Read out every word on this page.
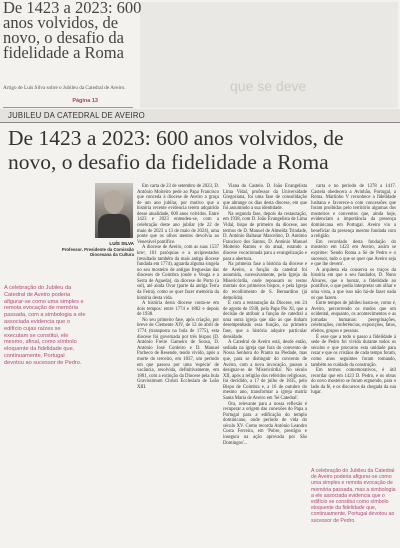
que se deve
De 1423 a 2023: 600 anos volvidos, de novo, o desafio da fidelidade a Roma
Artigo de Luís Silva sobre o Jubileu da Catedral de Aveiro.
Página 13
JUBILEU DA CATEDRAL DE AVEIRO
De 1423 a 2023: 600 anos volvidos, de novo, o desafio da fidelidade a Roma
LUÍS SILVA
Professor. Presidente da Comissão Diocesana da Cultura
A celebração do Jubileu da Catedral de Aveiro poderia afigurar-se como uma simples e remota evocação de memória passada, com a simbologia a ele associada evidencia que o edifício cujas raízes se executam se constitui, ele mesmo, afinal, como símbolo eloquente da fidelidade que, continuamente, Portugal devotou ao sucessor de Pedro.

Em carta de 23 de setembro de 2023, D. António Moiteiro pede ao Papa Francisco que conceda à diocese de Aveiro a graça de um ano jubilar, por motivo que a história recente evidencia terem adquirido desse atualidade, 600 anos volvidos. Entre 1423 e 2023 entendeu-se, com a celebração deste ano jubilar (de 22 de maio de 2023 a 13 de maio de 2024), uma ponte que os olhos atentos devolvia ao Venerável pontífice.

A diocese de Aveiro, com as suas 1537 km², 101 paróquias e a arciprestados (resultado também da mais antiga diocese fundada em 1774), aguarda alguma singela no seu mosteiro de antigas freguesias das dioceses de Coimbra (onde o Vouga e a Serra de Agueda), da diocese do Porto (a sul), até ainda Ovar (parte da antiga Terra da Feira), como se quer fazer memória da história desta vida.

A história desta diocese conta-se em dois tempos: entre 1774 e 1882 e depois de 1938.

No seu primeiro fase, após criação, por breve de Clemente XIV, de 12 de abril de 1774 (transposta na bula de 1775), esta diocese foi governada por três bispos (D. António Freire Gameiro de Sousa, D. António José Cordeiro e D. Manuel Pacheco de Resende, tendo vivido, após a morte do terceiro, em 1837, um período em que passou por uma 'espécie' de vacância, resolvida, definitivamente, em 1881, com a extinção da Diocese pela bula Gravissimum Christi Ecclesiam de Leão XIII.

Viana do Castelo. D. João Evangelista Lima Vidal, professor da Universidade Gregoriana, foi uma fase de consolidação que abrange os dias desta diocese, em que foi assumindo a sua identidade.

Na segunda fase, depois da restauração, em 1938, com D. João Evangelista de Lima Vidal, bispo de primeiro da diocese, aos termos de D. Manuel de Almeida Trindade, D. António Baltasar Marcelino, D. António Francisco dos Santos, D. António Manuel Moiteiro Ramos e do atual, estando a diocese vocacionada para a evangelização e para a abertura.

Na primeira fase a história da diocese e de Aveiro, a função da catedral foi assumida, sucessivamente, pela Igreja da Misericórdia, onde repousam os restos mortais dos primeiros bispos, e pela Igreja do recolhimento de S. Bernardino (já demolida).

É com a restauração da Diocese, em 24 de agosto de 1938, pela Papa Pio XI, que a decisão de atribuir a função de catedral a uma outra igreja que não as que tinham desempenhado essa função, na primeira fase, que a história adquire particular densidade.

A Catedral de Aveiro está, desde então, sediada na igreja que fora do convento de Nossa Senhora do Pranto na Piedade, mas que, para se distinguir do convento de Aveiro, com a nova invocação, passou a designar-se de 'Misericórdia'. No século XII, após a religião dos referidos religiosos, foi decidido, a 17 de julho de 1835, pelo Bispo de Coimbra e, a 16 de outubro do mesmo ano, transformar a igreja matriz Santa Maria de Aveiro em 'Sé Catedral'.

Ora, relevante para a nossa reflexão é recuperar a origem das conexões do Papa a Portugal para a edificação do templo dominicano, onde período de vida do século XV. Como recorda António Leandro Costa Ferreira, em 'Pobre, prestígio e insegura na ação aprovada por São Domingos'...

carta e no período de 1378 a 1417. Castela obedecera a Avinhão, Portugal, a Roma. Martinho V reconhece a fidelidade lusitana e favorece-a com concessões que foram proibidas pelo território algumas dos mosteiros e conventos que, ainda hoje, evidenciam a importância da presença dominicana em Portugal. Aveiro viu a beneficiar da presença mesmo fundada com a religião.

Em recordado desta fundação do mosteiro em 1423 em Aveiro, assim se exprime: 'Sendo Roma a Sé de Pedro e o sucessor, tudo o que se quer que Aveiro seja e que lhe devem'.

A arquiteta ela conserva os traços da história em que o seu fundador, D. Nuno Álvares, que o honrar, a fidelidade ao pontífice, o que podia interpretar um olhar e uma vista, a que isso não há-de fazer nada os que fazem.

Entre tempos de jubileu basta-se, como é, Aveiro, percorrendo os modos que um ocidental, enquanto, os acontecimentos e as jornadas humanas: peregrinações, celebrações, conferências, exposições, fatos, efeitos, grupos e pessoas.

É esse que a todo o passo a fidelidade à sede de Pedro foi vivida durante todos os séculos e que procurou esta unidade para rezar e que os cristãos de cada tempo foram, como anos seguintes foram tomando, também ao cuidado da construção.

Em termos comemorativos, é útil recordar que em 1423 D. Pedro, e os obras do novo mosteiro se foram erguendo, para o lado da fé, e os discursos da chegada da sua lugar.

A celebração do Jubileu da Catedral de Aveiro poderia afigurar-se como uma simples e remota evocação de memória passada, mas a simbologia a ele associada evidencia que o edifício se constitui como símbolo eloquente da fidelidade que, continuamente, Portugal devotou ao sucessor de Pedro.
